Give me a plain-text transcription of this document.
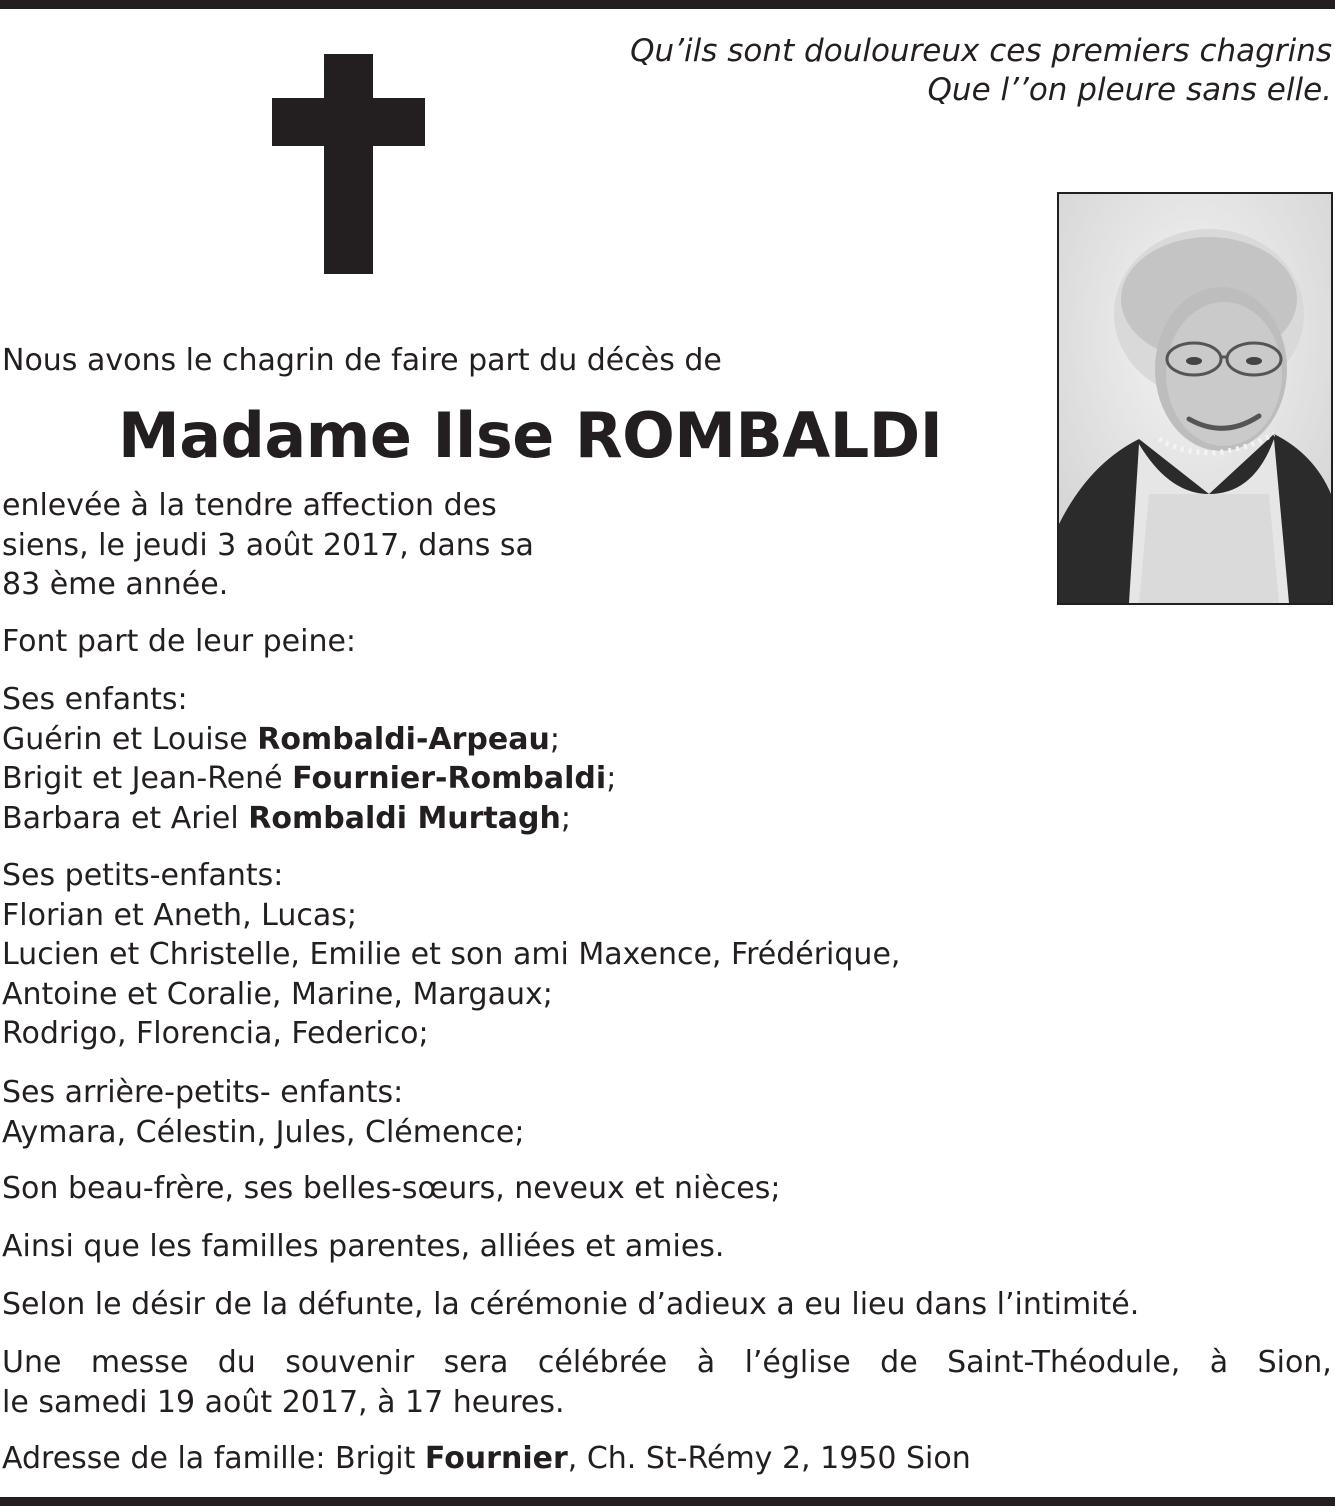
Qu’ils sont douloureux ces premiers chagrins
Que l’’on pleure sans elle.
Nous avons le chagrin de faire part du décès de
Madame Ilse ROMBALDI
enlevée à la tendre affection des
siens, le jeudi 3 août 2017, dans sa
83 ème année.
Font part de leur peine:
Ses enfants:
Guérin et Louise Rombaldi-Arpeau;
Brigit et Jean-René Fournier-Rombaldi;
Barbara et Ariel Rombaldi Murtagh;
Ses petits-enfants:
Florian et Aneth, Lucas;
Lucien et Christelle, Emilie et son ami Maxence, Frédérique,
Antoine et Coralie, Marine, Margaux;
Rodrigo, Florencia, Federico;
Ses arrière-petits- enfants:
Aymara, Célestin, Jules, Clémence;
Son beau-frère, ses belles-sœurs, neveux et nièces;
Ainsi que les familles parentes, alliées et amies.
Selon le désir de la défunte, la cérémonie d’adieux a eu lieu dans l’intimité.
Une messe du souvenir sera célébrée à l’église de Saint-Théodule, à Sion,
le samedi 19 août 2017, à 17 heures.
Adresse de la famille: Brigit Fournier, Ch. St-Rémy 2, 1950 Sion
